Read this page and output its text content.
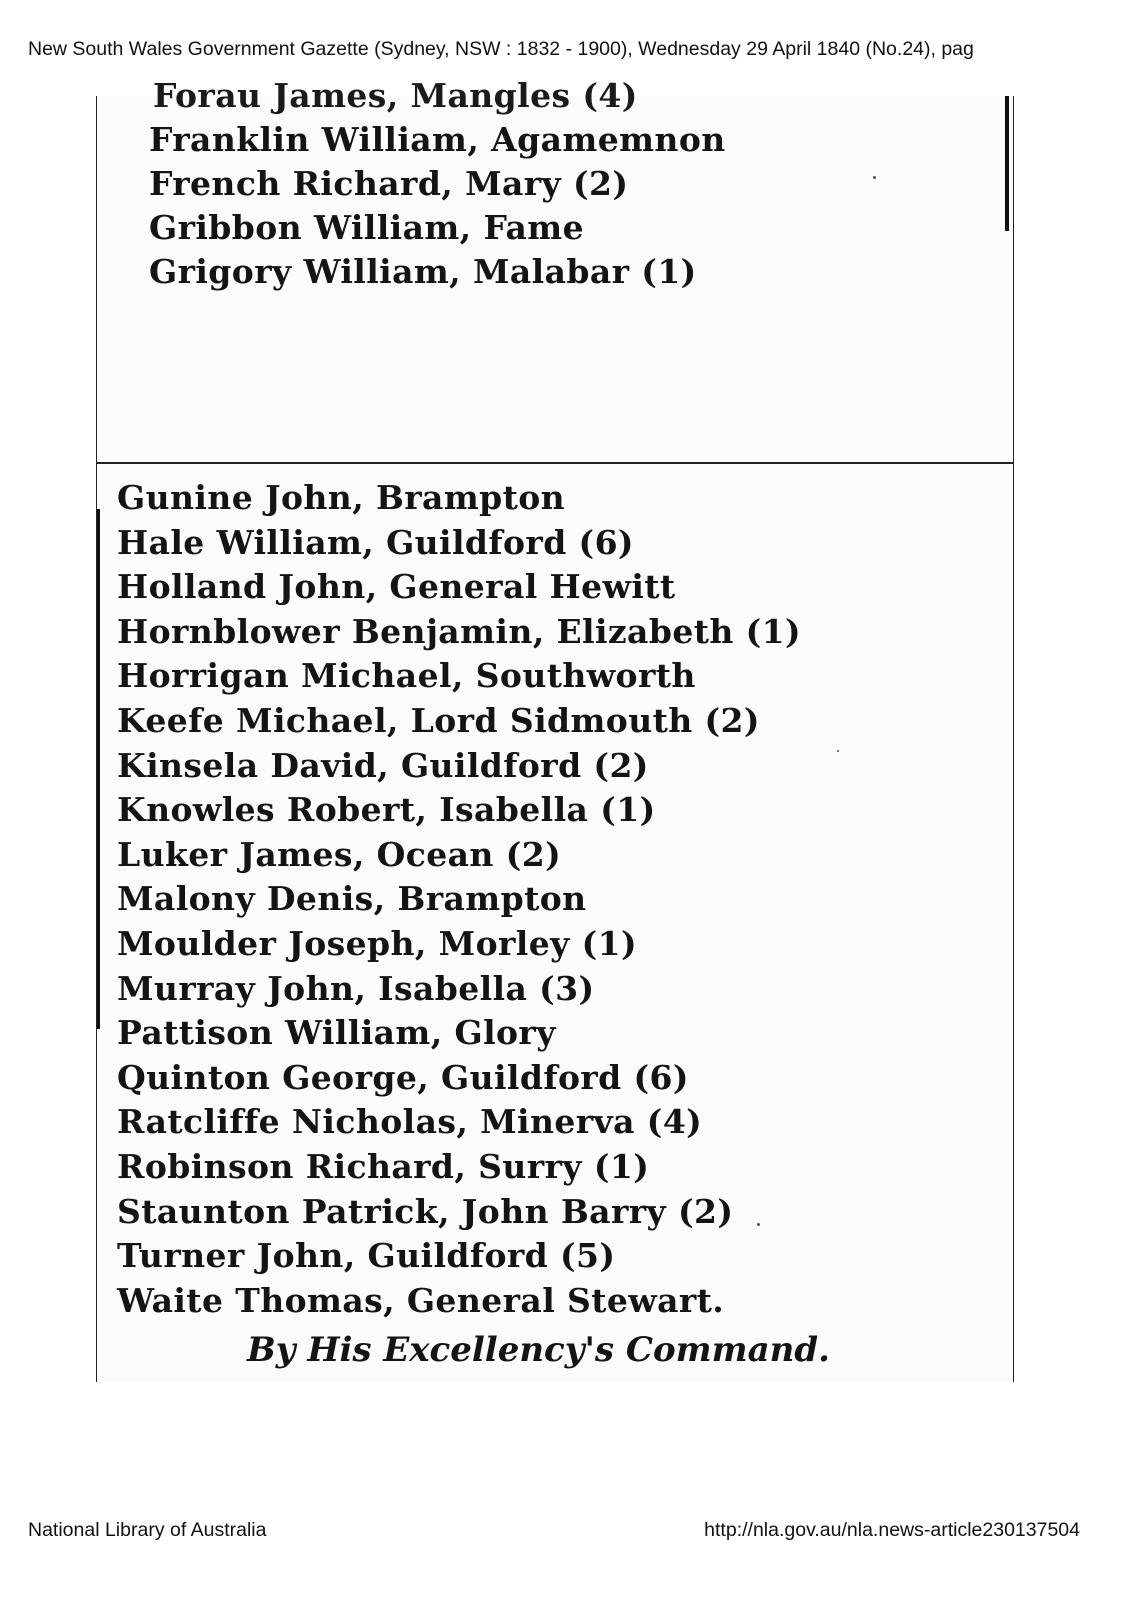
New South Wales Government Gazette (Sydney, NSW : 1832 - 1900), Wednesday 29 April 1840 (No.24), pag
Forau James, Mangles (4)
Franklin William, Agamemnon
French Richard, Mary (2)
Gribbon William, Fame
Grigory William, Malabar (1)
Gunine John, Brampton
Hale William, Guildford (6)
Holland John, General Hewitt
Hornblower Benjamin, Elizabeth (1)
Horrigan Michael, Southworth
Keefe Michael, Lord Sidmouth (2)
Kinsela David, Guildford (2)
Knowles Robert, Isabella (1)
Luker James, Ocean (2)
Malony Denis, Brampton
Moulder Joseph, Morley (1)
Murray John, Isabella (3)
Pattison William, Glory
Quinton George, Guildford (6)
Ratcliffe Nicholas, Minerva (4)
Robinson Richard, Surry (1)
Staunton Patrick, John Barry (2)
Turner John, Guildford (5)
Waite Thomas, General Stewart.
By His Excellency's Command.
National Library of Australia	http://nla.gov.au/nla.news-article230137504
